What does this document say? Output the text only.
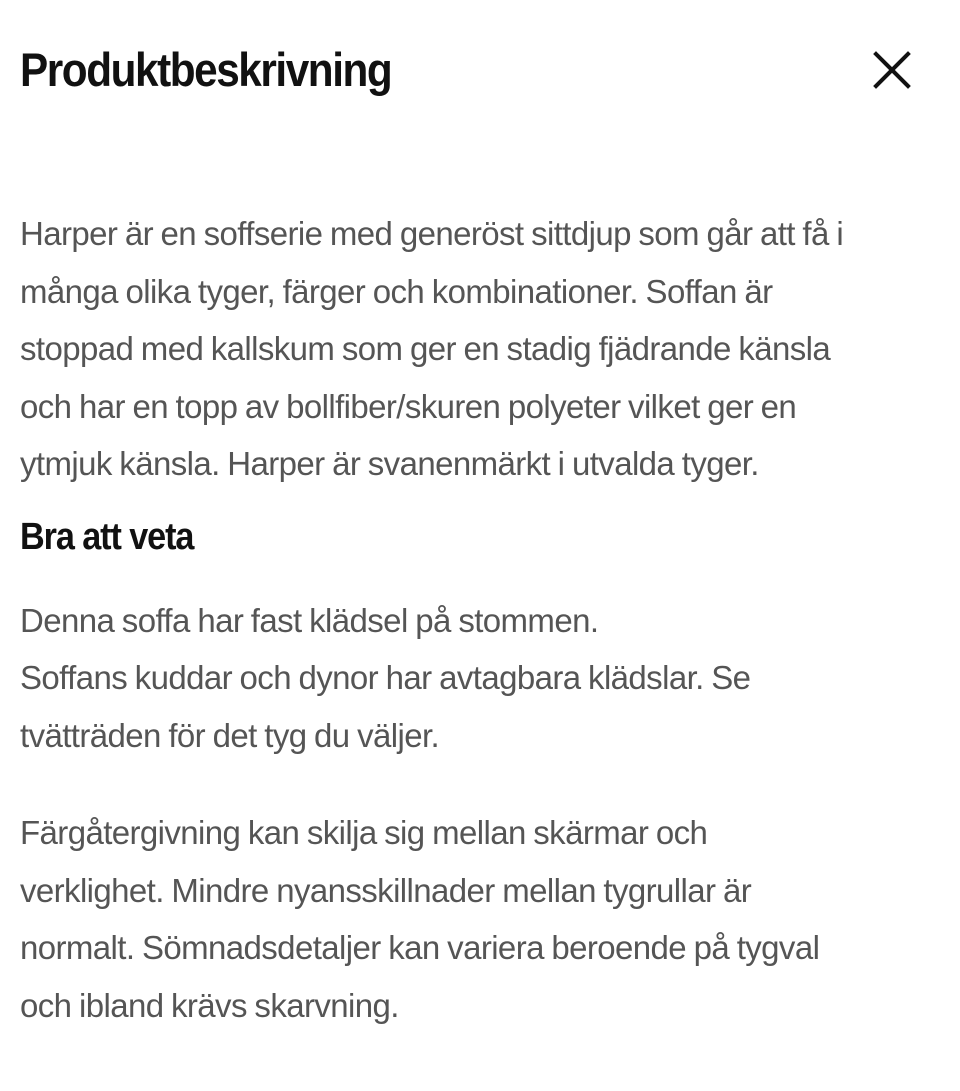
Produktbeskrivning

Harper är en soffserie med generöst sittdjup som går att få i
många olika tyger, färger och kombinationer. Soffan är
stoppad med kallskum som ger en stadig fjädrande känsla
och har en topp av bollfiber/skuren polyeter vilket ger en
ytmjuk känsla. Harper är svanenmärkt i utvalda tyger.

Bra att veta

Denna soffa har fast klädsel på stommen.
Soffans kuddar och dynor har avtagbara klädslar. Se
tvätträden för det tyg du väljer.

Färgåtergivning kan skilja sig mellan skärmar och
verklighet. Mindre nyansskillnader mellan tygrullar är
normalt. Sömnadsdetaljer kan variera beroende på tygval
och ibland krävs skarvning.
